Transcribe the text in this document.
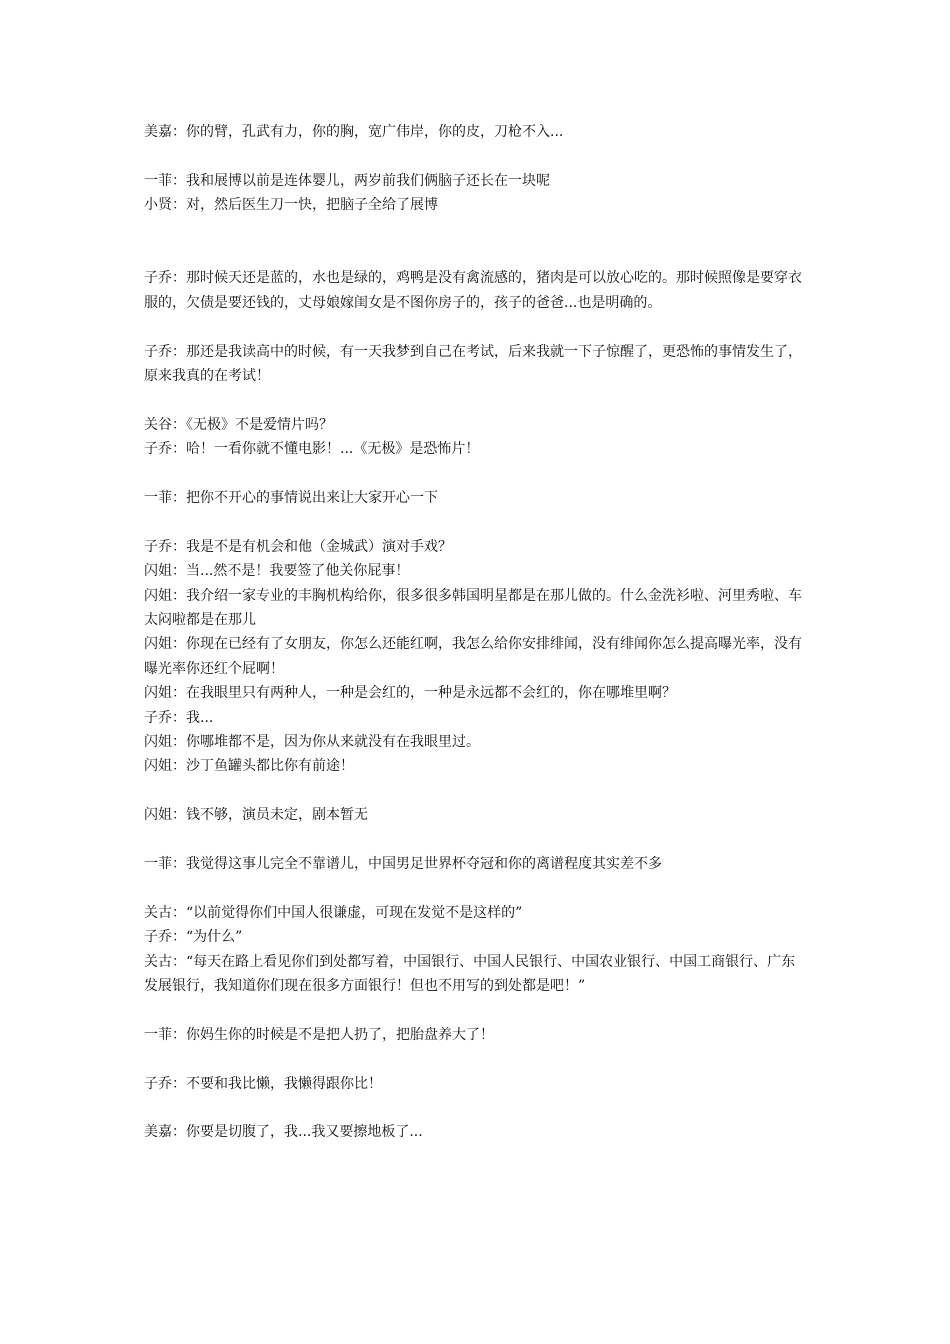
美嘉：你的臂，孔武有力，你的胸，宽广伟岸，你的皮，刀枪不入...

一菲：我和展博以前是连体婴儿，两岁前我们俩脑子还长在一块呢

小贤：对，然后医生刀一快，把脑子全给了展博

子乔：那时候天还是蓝的，水也是绿的，鸡鸭是没有禽流感的，猪肉是可以放心吃的。那时候照像是要穿衣服的，欠债是要还钱的，丈母娘嫁闺女是不图你房子的，孩子的爸爸...也是明确的。

子乔：那还是我读高中的时候，有一天我梦到自己在考试，后来我就一下子惊醒了，更恐怖的事情发生了，原来我真的在考试！

关谷：《无极》不是爱情片吗？

子乔：哈！一看你就不懂电影！...《无极》是恐怖片！

一菲：把你不开心的事情说出来让大家开心一下

子乔：我是不是有机会和他（金城武）演对手戏？

闪姐：当...然不是！我要签了他关你屁事！

闪姐：我介绍一家专业的丰胸机构给你，很多很多韩国明星都是在那儿做的。什么金洗衫啦、河里秀啦、车太闷啦都是在那儿

闪姐：你现在已经有了女朋友，你怎么还能红啊，我怎么给你安排绯闻，没有绯闻你怎么提高曝光率，没有曝光率你还红个屁啊！

闪姐：在我眼里只有两种人，一种是会红的，一种是永远都不会红的，你在哪堆里啊？

子乔：我...

闪姐：你哪堆都不是，因为你从来就没有在我眼里过。

闪姐：沙丁鱼罐头都比你有前途！

闪姐：钱不够，演员未定，剧本暂无

一菲：我觉得这事儿完全不靠谱儿，中国男足世界杯夺冠和你的离谱程度其实差不多

关古：“以前觉得你们中国人很谦虚，可现在发觉不是这样的”

子乔：“为什么”

关古：“每天在路上看见你们到处都写着，中国银行、中国人民银行、中国农业银行、中国工商银行、广东发展银行，我知道你们现在很多方面银行！但也不用写的到处都是吧！”

一菲：你妈生你的时候是不是把人扔了，把胎盘养大了！

子乔：不要和我比懒，我懒得跟你比！

美嘉：你要是切腹了，我...我又要擦地板了...
